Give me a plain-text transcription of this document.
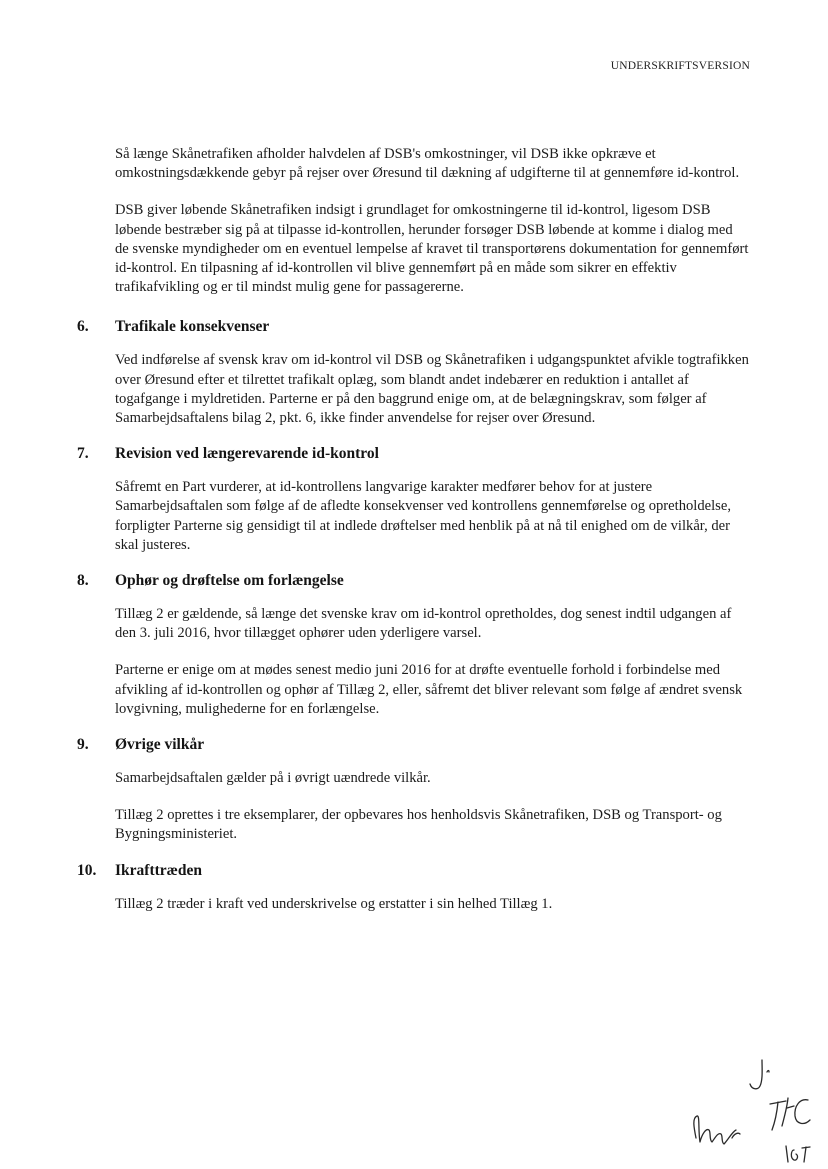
UNDERSKRIFTSVERSION

Så længe Skånetrafiken afholder halvdelen af DSB's omkostninger, vil DSB ikke opkræve et omkostningsdækkende gebyr på rejser over Øresund til dækning af udgifterne til at gennemføre id-kontrol.

DSB giver løbende Skånetrafiken indsigt i grundlaget for omkostningerne til id-kontrol, ligesom DSB løbende bestræber sig på at tilpasse id-kontrollen, herunder forsøger DSB løbende at komme i dialog med de svenske myndigheder om en eventuel lempelse af kravet til transportørens dokumentation for gennemført id-kontrol. En tilpasning af id-kontrollen vil blive gennemført på en måde som sikrer en effektiv trafikafvikling og er til mindst mulig gene for passagererne.

6.	Trafikale konsekvenser

Ved indførelse af svensk krav om id-kontrol vil DSB og Skånetrafiken i udgangspunktet afvikle togtrafikken over Øresund efter et tilrettet trafikalt oplæg, som blandt andet indebærer en reduktion i antallet af togafgange i myldretiden. Parterne er på den baggrund enige om, at de belægningskrav, som følger af Samarbejdsaftalens bilag 2, pkt. 6, ikke finder anvendelse for rejser over Øresund.

7.	Revision ved længerevarende id-kontrol

Såfremt en Part vurderer, at id-kontrollens langvarige karakter medfører behov for at justere Samarbejdsaftalen som følge af de afledte konsekvenser ved kontrollens gennemførelse og opretholdelse, forpligter Parterne sig gensidigt til at indlede drøftelser med henblik på at nå til enighed om de vilkår, der skal justeres.

8.	Ophør og drøftelse om forlængelse

Tillæg 2 er gældende, så længe det svenske krav om id-kontrol opretholdes, dog senest indtil udgangen af den 3. juli 2016, hvor tillægget ophører uden yderligere varsel.

Parterne er enige om at mødes senest medio juni 2016 for at drøfte eventuelle forhold i forbindelse med afvikling af id-kontrollen og ophør af Tillæg 2, eller, såfremt det bliver relevant som følge af ændret svensk lovgivning, mulighederne for en forlængelse.

9.	Øvrige vilkår

Samarbejdsaftalen gælder på i øvrigt uændrede vilkår.

Tillæg 2 oprettes i tre eksemplarer, der opbevares hos henholdsvis Skånetrafiken, DSB og Transport- og Bygningsministeriet.

10.	Ikrafttræden

Tillæg 2 træder i kraft ved underskrivelse og erstatter i sin helhed Tillæg 1.
